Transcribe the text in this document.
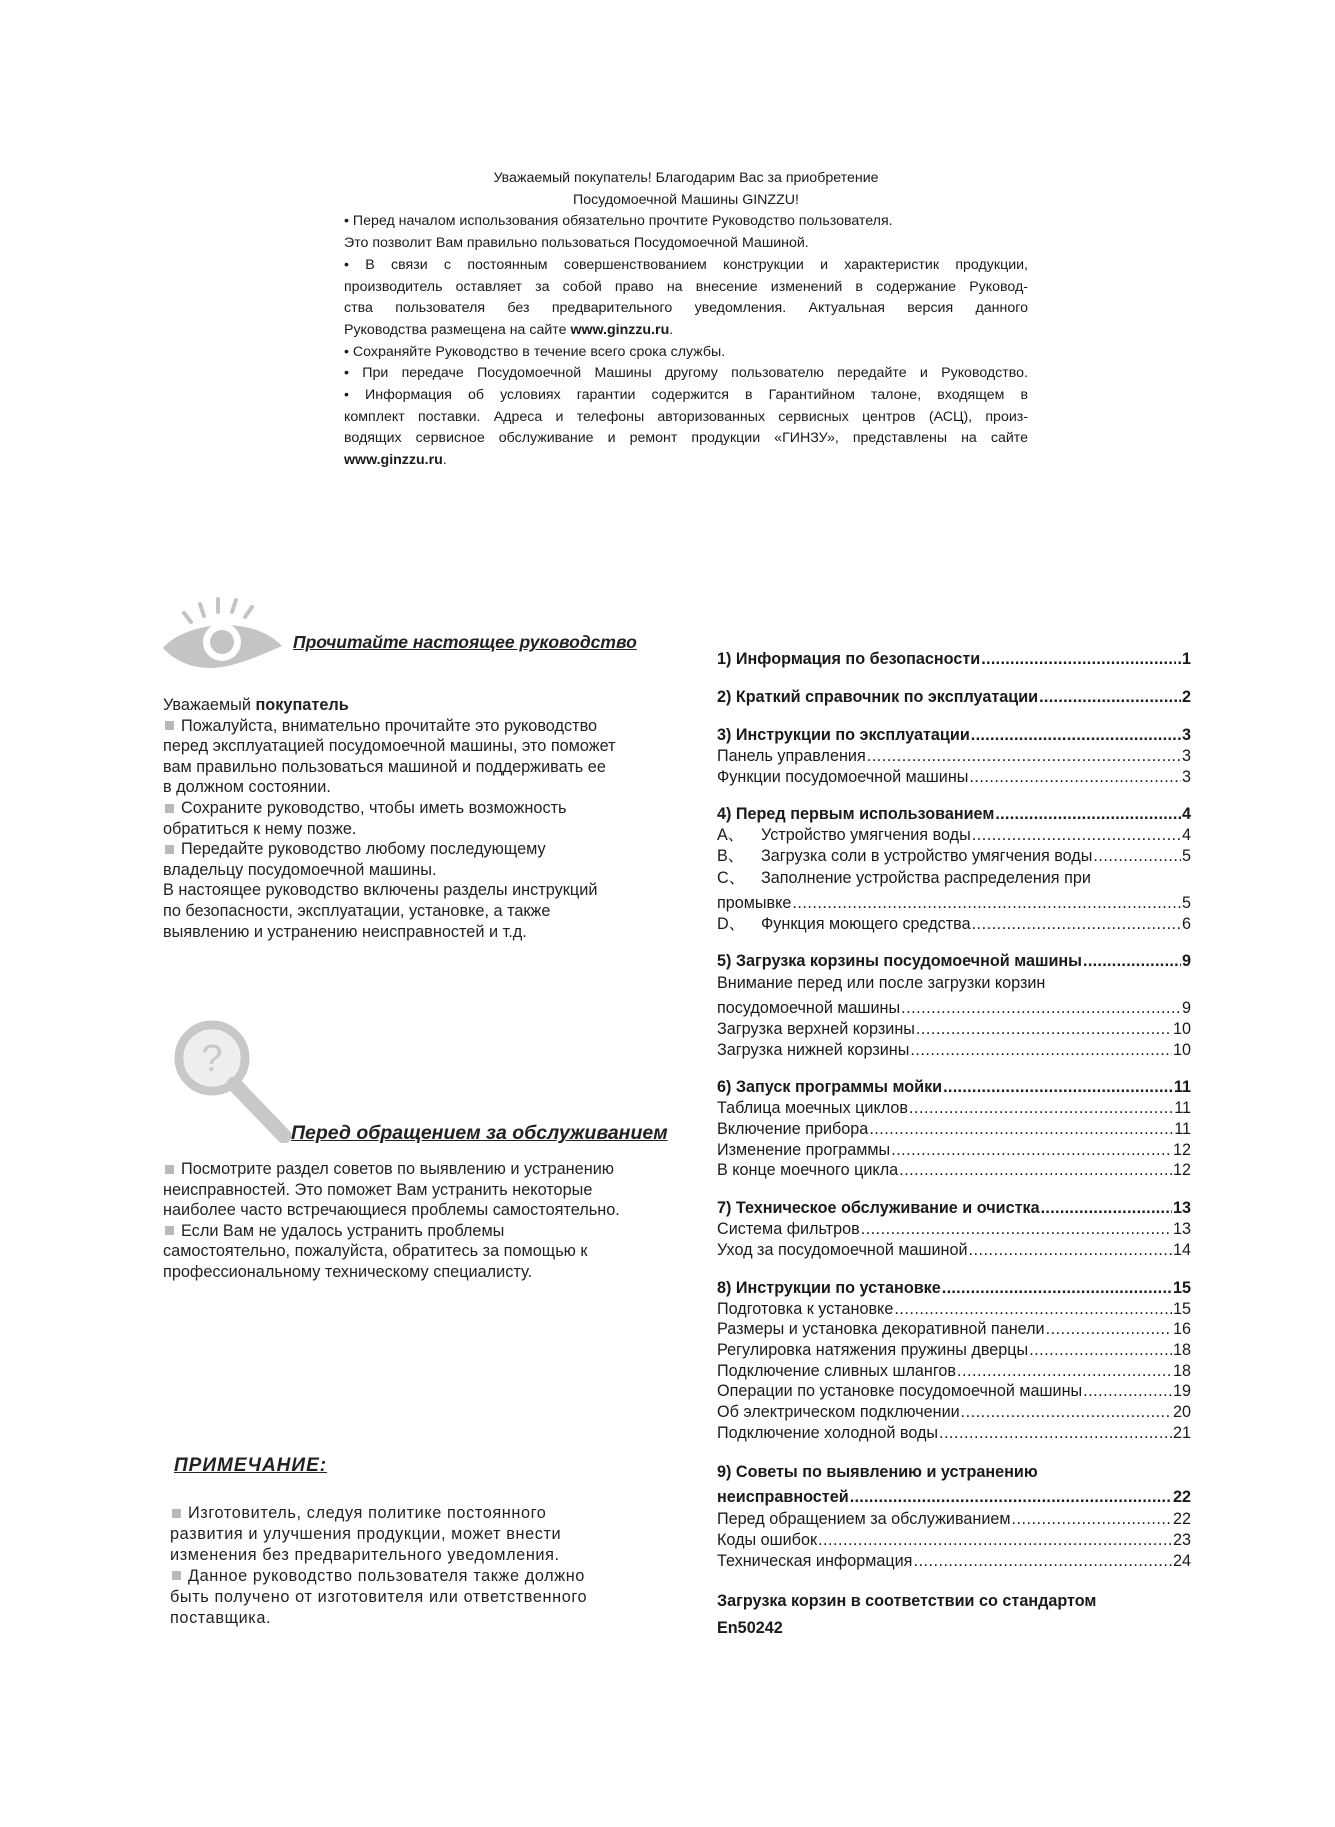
Уважаемый покупатель! Благодарим Вас за приобретение
Посудомоечной Машины GINZZU!
• Перед началом использования обязательно прочтите Руководство пользователя.
Это позволит Вам правильно пользоваться Посудомоечной Машиной.
• В связи с постоянным совершенствованием конструкции и характеристик продукции,
производитель оставляет за собой право на внесение изменений в содержание Руковод-
ства пользователя без предварительного уведомления. Актуальная версия данного
Руководства размещена на сайте www.ginzzu.ru.
• Сохраняйте Руководство в течение всего срока службы.
• При передаче Посудомоечной Машины другому пользователю передайте и Руководство.
• Информация об условиях гарантии содержится в Гарантийном талоне, входящем в
комплект поставки. Адреса и телефоны авторизованных сервисных центров (АСЦ), произ-
водящих сервисное обслуживание и ремонт продукции «ГИНЗУ», представлены на сайте
www.ginzzu.ru.
Прочитайте настоящее руководство
Уважаемый покупатель
Пожалуйста, внимательно прочитайте это руководство
перед эксплуатацией посудомоечной машины, это поможет
вам правильно пользоваться машиной и поддерживать ее
в должном состоянии.
Сохраните руководство, чтобы иметь возможность
обратиться к нему позже.
Передайте руководство любому последующему
владельцу посудомоечной машины.
В настоящее руководство включены разделы инструкций
по безопасности, эксплуатации, установке, а также
выявлению и устранению неисправностей и т.д.
?
Перед обращением за обслуживанием
Посмотрите раздел советов по выявлению и устранению
неисправностей. Это поможет Вам устранить некоторые
наиболее часто встречающиеся проблемы самостоятельно.
Если Вам не удалось устранить проблемы
самостоятельно, пожалуйста, обратитесь за помощью к
профессиональному техническому специалисту.
ПРИМЕЧАНИЕ:
Изготовитель, следуя политике постоянного
развития и улучшения продукции, может внести
изменения без предварительного уведомления.
Данное руководство пользователя также должно
быть получено от изготовителя или ответственного
поставщика.
1) Информация по безопасности .....	.1
2) Краткий справочник по эксплуатации .....	2
3) Инструкции по эксплуатации .....	3
Панель управления .....	3
Функции посудомоечной машины .....	3
4) Перед первым использованием .....	4
A、 Устройство умягчения воды .....	4
B、 Загрузка соли в устройство умягчения воды .....	5
C、 Заполнение устройства распределения при
промывке .....	5
D、 Функция моющего средства .....	6
5) Загрузка корзины посудомоечной машины .....	9
Внимание перед или после загрузки корзин
посудомоечной машины .....	9
Загрузка верхней корзины .....	10
Загрузка нижней корзины .....	10
6) Запуск программы мойки .....	11
Таблица моечных циклов .....	11
Включение прибора .....	11
Изменение программы .....	12
В конце моечного цикла .....	12
7) Техническое обслуживание и очистка .....	13
Система фильтров .....	13
Уход за посудомоечной машиной .....	14
8) Инструкции по установке .....	15
Подготовка к установке .....	15
Размеры и установка декоративной панели .....	16
Регулировка натяжения пружины дверцы .....	18
Подключение сливных шлангов .....	18
Операции по установке посудомоечной машины .....	19
Об электрическом подключении .....	20
Подключение холодной воды .....	21
9) Советы по выявлению и устранению
неисправностей .....	22
Перед обращением за обслуживанием .....	22
Коды ошибок .....	23
Техническая информация .....	24
Загрузка корзин в соответствии со стандартом
En50242
